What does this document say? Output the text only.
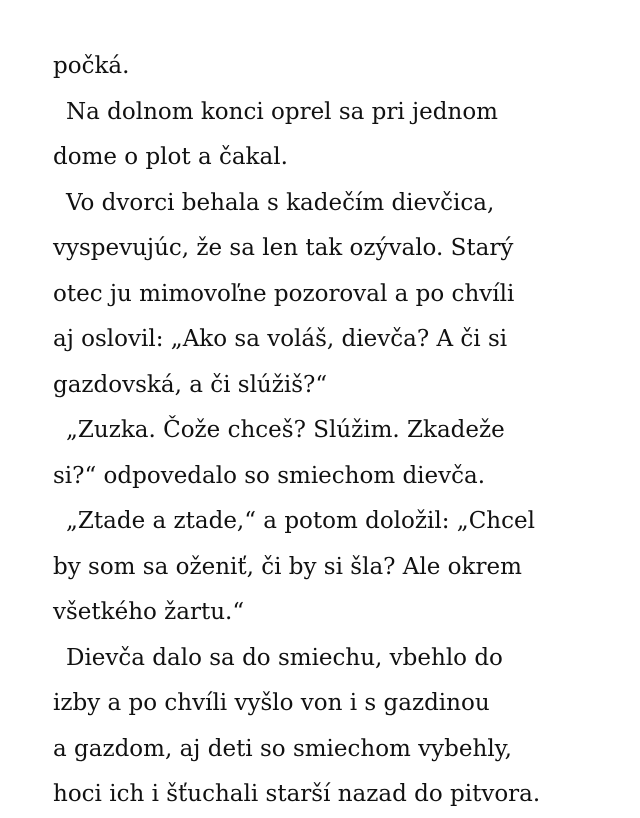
počká.
Na dolnom konci oprel sa pri jednom
dome o plot a čakal.
Vo dvorci behala s kadečím dievčica,
vyspevujúc, že sa len tak ozývalo. Starý
otec ju mimovoľne pozoroval a po chvíli
aj oslovil: „Ako sa voláš, dievča? A či si
gazdovská, a či slúžiš?“
„Zuzka. Čože chceš? Slúžim. Zkadeže
si?“ odpovedalo so smiechom dievča.
„Ztade a ztade,“ a potom doložil: „Chcel
by som sa oženiť, či by si šla? Ale okrem
všetkého žartu.“
Dievča dalo sa do smiechu, vbehlo do
izby a po chvíli vyšlo von i s gazdinou
a gazdom, aj deti so smiechom vybehly,
hoci ich i šťuchali starší nazad do pitvora.
